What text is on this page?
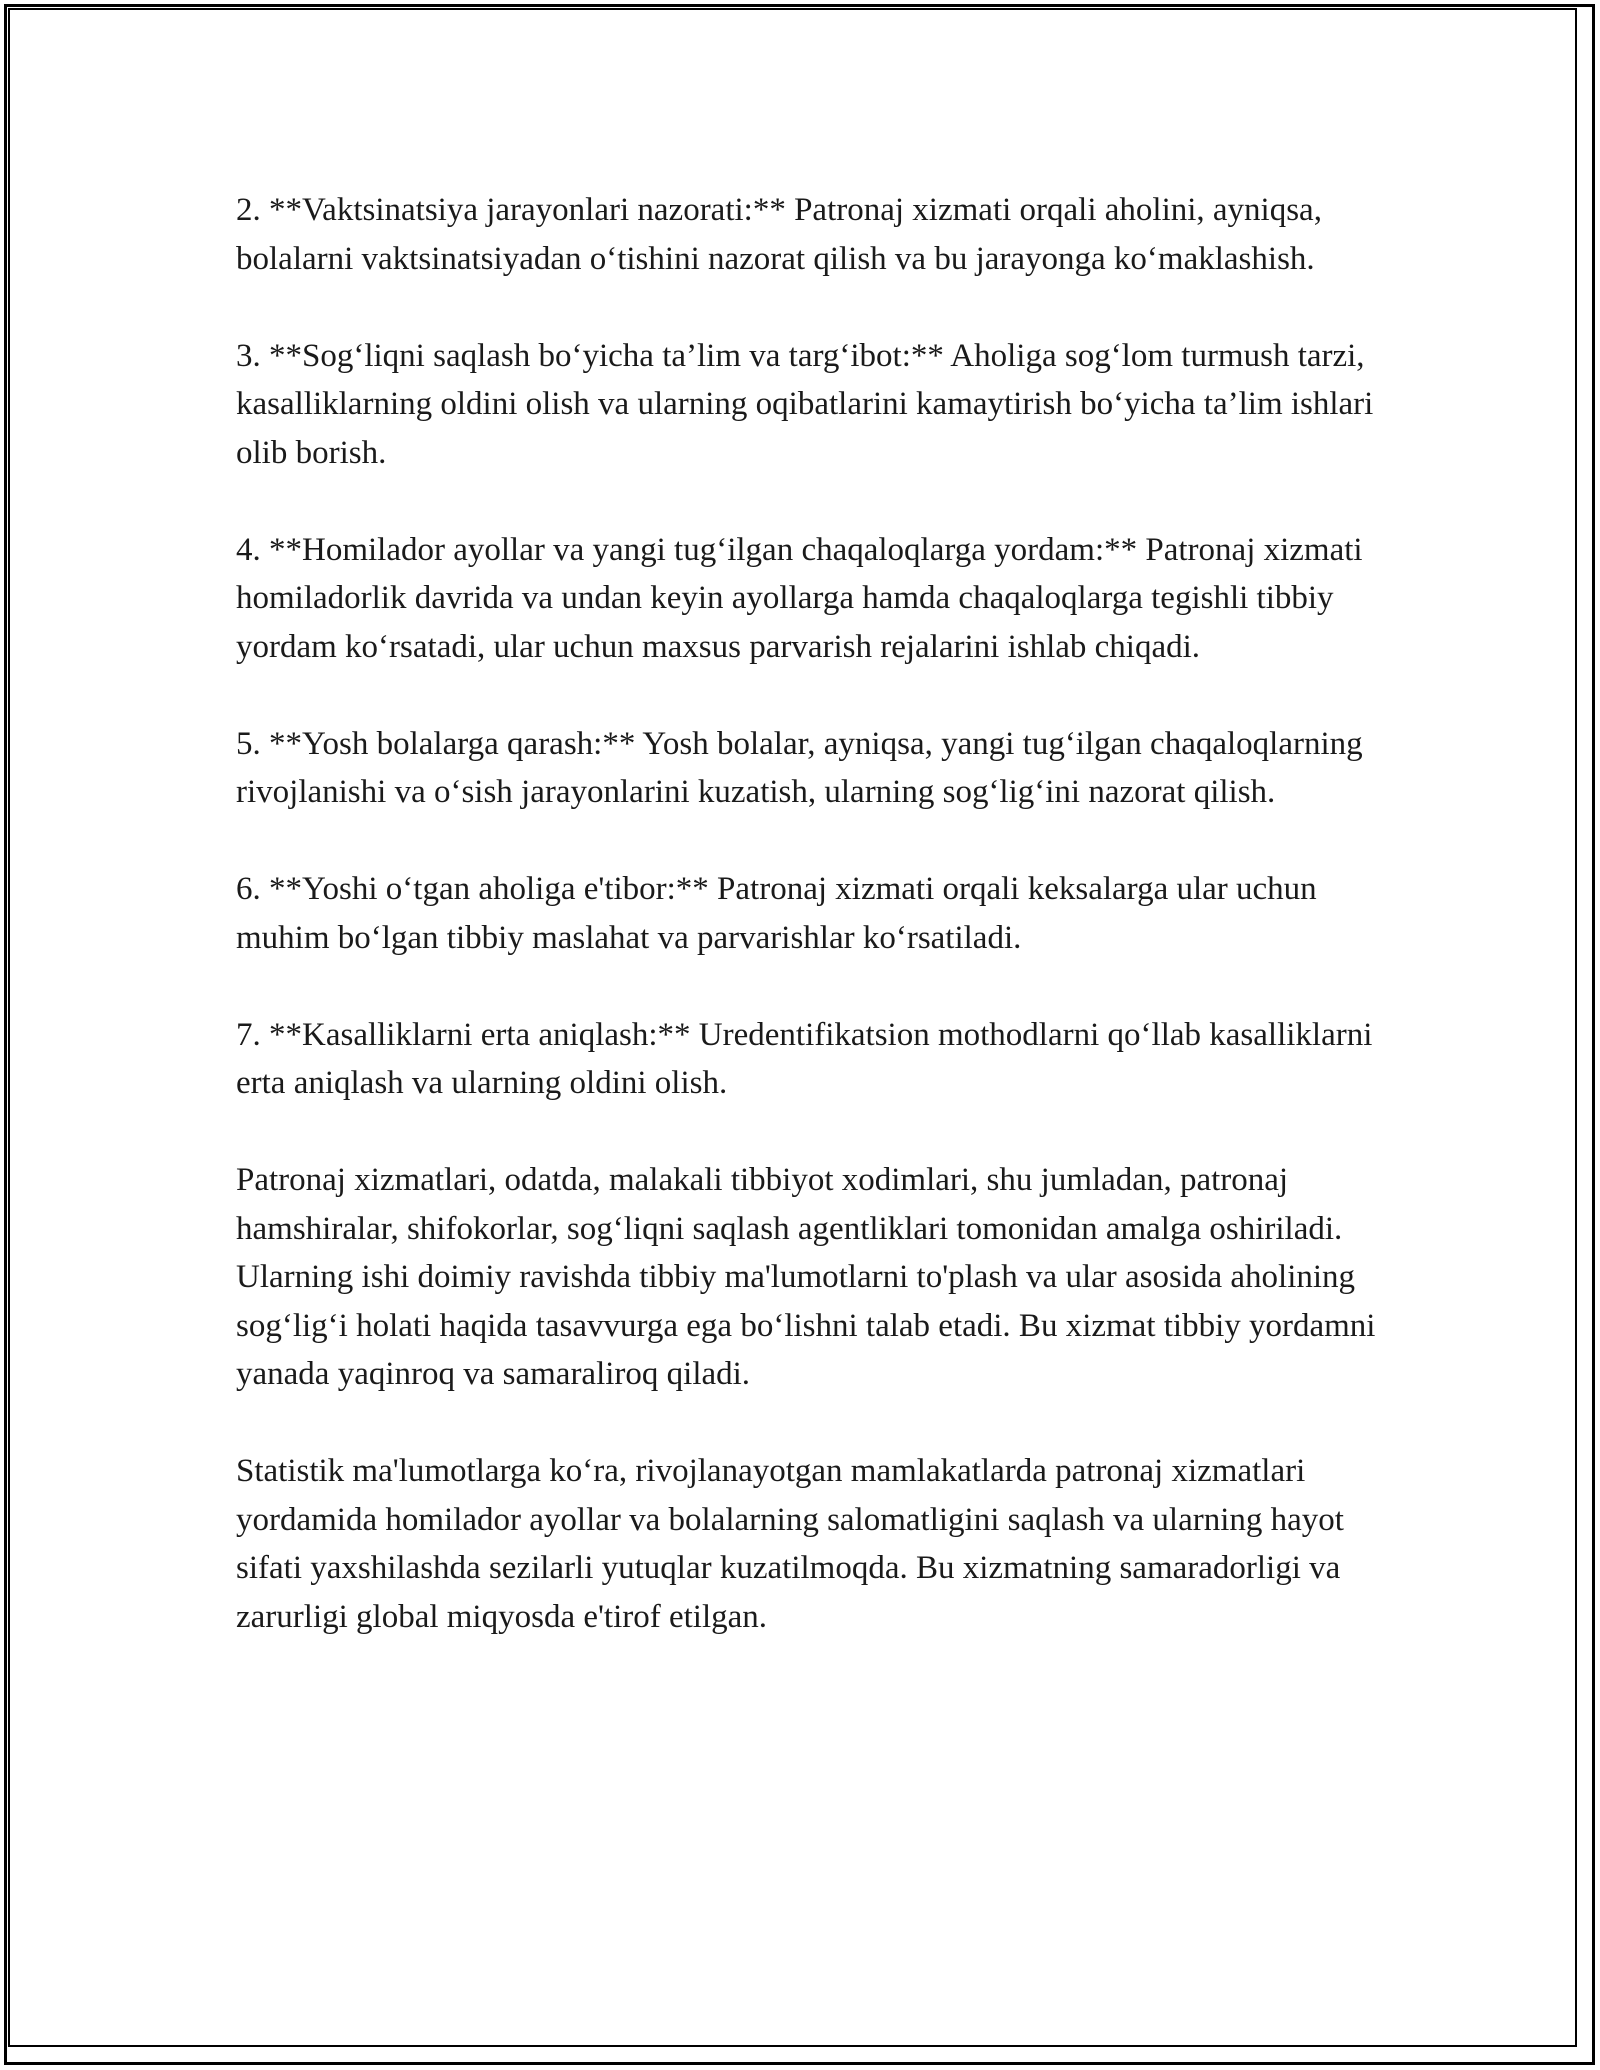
2. **Vaktsinatsiya jarayonlari nazorati:** Patronaj xizmati orqali aholini, ayniqsa, bolalarni vaktsinatsiyadan o‘tishini nazorat qilish va bu jarayonga ko‘maklashish.

3. **Sog‘liqni saqlash bo‘yicha ta’lim va targ‘ibot:** Aholiga sog‘lom turmush tarzi, kasalliklarning oldini olish va ularning oqibatlarini kamaytirish bo‘yicha ta’lim ishlari olib borish.

4. **Homilador ayollar va yangi tug‘ilgan chaqaloqlarga yordam:** Patronaj xizmati homiladorlik davrida va undan keyin ayollarga hamda chaqaloqlarga tegishli tibbiy yordam ko‘rsatadi, ular uchun maxsus parvarish rejalarini ishlab chiqadi.

5. **Yosh bolalarga qarash:** Yosh bolalar, ayniqsa, yangi tug‘ilgan chaqaloqlarning rivojlanishi va o‘sish jarayonlarini kuzatish, ularning sog‘lig‘ini nazorat qilish.

6. **Yoshi o‘tgan aholiga e'tibor:** Patronaj xizmati orqali keksalarga ular uchun muhim bo‘lgan tibbiy maslahat va parvarishlar ko‘rsatiladi.

7. **Kasalliklarni erta aniqlash:** Uredentifikatsion mothodlarni qo‘llab kasalliklarni erta aniqlash va ularning oldini olish.

Patronaj xizmatlari, odatda, malakali tibbiyot xodimlari, shu jumladan, patronaj hamshiralar, shifokorlar, sog‘liqni saqlash agentliklari tomonidan amalga oshiriladi. Ularning ishi doimiy ravishda tibbiy ma'lumotlarni to'plash va ular asosida aholining sog‘lig‘i holati haqida tasavvurga ega bo‘lishni talab etadi. Bu xizmat tibbiy yordamni yanada yaqinroq va samaraliroq qiladi.

Statistik ma'lumotlarga ko‘ra, rivojlanayotgan mamlakatlarda patronaj xizmatlari yordamida homilador ayollar va bolalarning salomatligini saqlash va ularning hayot sifati yaxshilashda sezilarli yutuqlar kuzatilmoqda. Bu xizmatning samaradorligi va zarurligi global miqyosda e'tirof etilgan.
